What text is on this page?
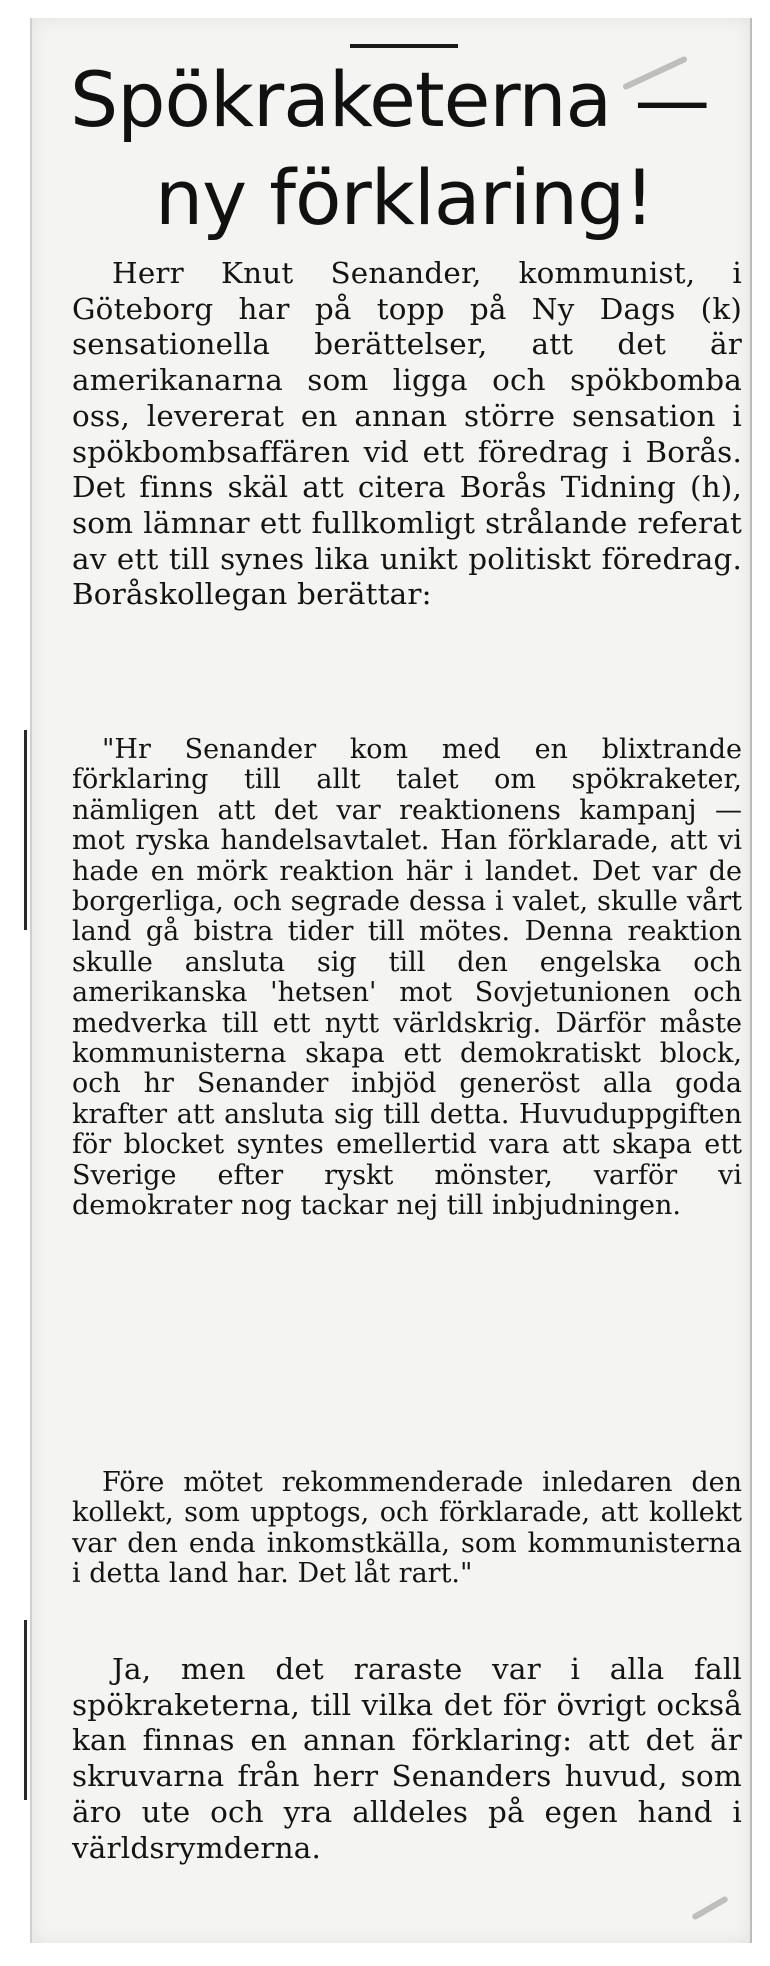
Spökraketerna —
ny förklaring!

Herr Knut Senander, kommunist, i Göteborg har på topp på Ny Dags (k) sensationella berättelser, att det är amerikanarna som ligga och spökbomba oss, levererat en annan större sensation i spökbombsaffären vid ett föredrag i Borås. Det finns skäl att citera Borås Tidning (h), som lämnar ett fullkomligt strålande referat av ett till synes lika unikt politiskt föredrag. Boråskollegan berättar:

"Hr Senander kom med en blixtrande förklaring till allt talet om spökraketer, nämligen att det var reaktionens kampanj — mot ryska handelsavtalet. Han förklarade, att vi hade en mörk reaktion här i landet. Det var de borgerliga, och segrade dessa i valet, skulle vårt land gå bistra tider till mötes. Denna reaktion skulle ansluta sig till den engelska och amerikanska 'hetsen' mot Sovjetunionen och medverka till ett nytt världskrig. Därför måste kommunisterna skapa ett demokratiskt block, och hr Senander inbjöd generöst alla goda krafter att ansluta sig till detta. Huvuduppgiften för blocket syntes emellertid vara att skapa ett Sverige efter ryskt mönster, varför vi demokrater nog tackar nej till inbjudningen.

Före mötet rekommenderade inledaren den kollekt, som upptogs, och förklarade, att kollekt var den enda inkomstkälla, som kommunisterna i detta land har. Det låt rart."

Ja, men det raraste var i alla fall spökraketerna, till vilka det för övrigt också kan finnas en annan förklaring: att det är skruvarna från herr Senanders huvud, som äro ute och yra alldeles på egen hand i världsrymderna.
